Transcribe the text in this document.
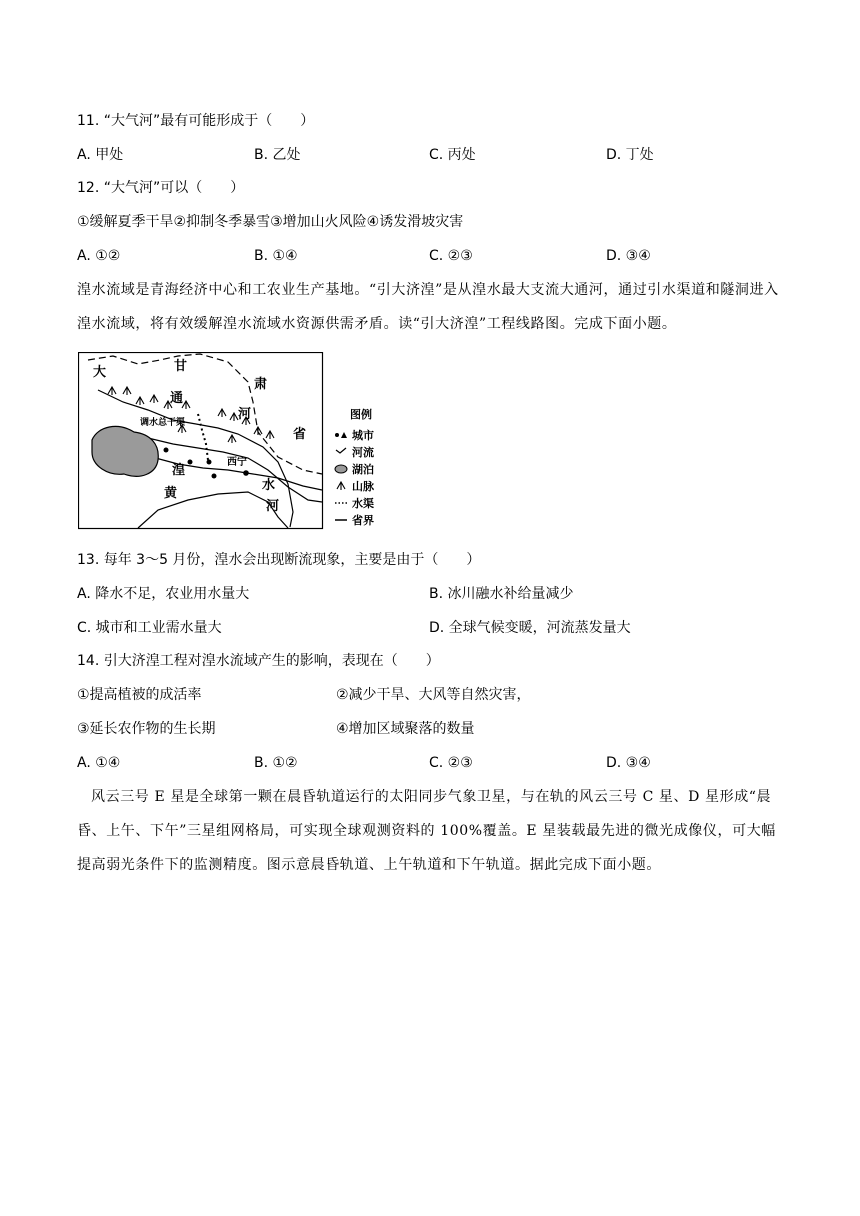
11. “大气河”最有可能形成于（　　）
A. 甲处	B. 乙处	C. 丙处	D. 丁处
12. “大气河”可以（　　）
①缓解夏季干旱②抑制冬季暴雪③增加山火风险④诱发滑坡灾害
A. ①②	B. ①④	C. ②③	D. ③④
湟水流域是青海经济中心和工农业生产基地。“引大济湟”是从湟水最大支流大通河，通过引水渠道和隧洞进入湟水流域，将有效缓解湟水流域水资源供需矛盾。读“引大济湟”工程线路图。完成下面小题。
大	甘
肃
通
河
省
湟
黄
水
河
调水总干渠
西宁
图例
城市
河流
湖泊
山脉
水渠
省界
13. 每年 3～5 月份，湟水会出现断流现象，主要是由于（　　）
A. 降水不足，农业用水量大	B. 冰川融水补给量减少
C. 城市和工业需水量大	D. 全球气候变暖，河流蒸发量大
14. 引大济湟工程对湟水流域产生的影响，表现在（　　）
①提高植被的成活率	②减少干旱、大风等自然灾害，
③延长农作物的生长期	④增加区域聚落的数量
A. ①④	B. ①②	C. ②③	D. ③④
风云三号 E 星是全球第一颗在晨昏轨道运行的太阳同步气象卫星，与在轨的风云三号 C 星、D 星形成“晨昏、上午、下午”三星组网格局，可实现全球观测资料的 100%覆盖。E 星装载最先进的微光成像仪，可大幅提高弱光条件下的监测精度。图示意晨昏轨道、上午轨道和下午轨道。据此完成下面小题。
